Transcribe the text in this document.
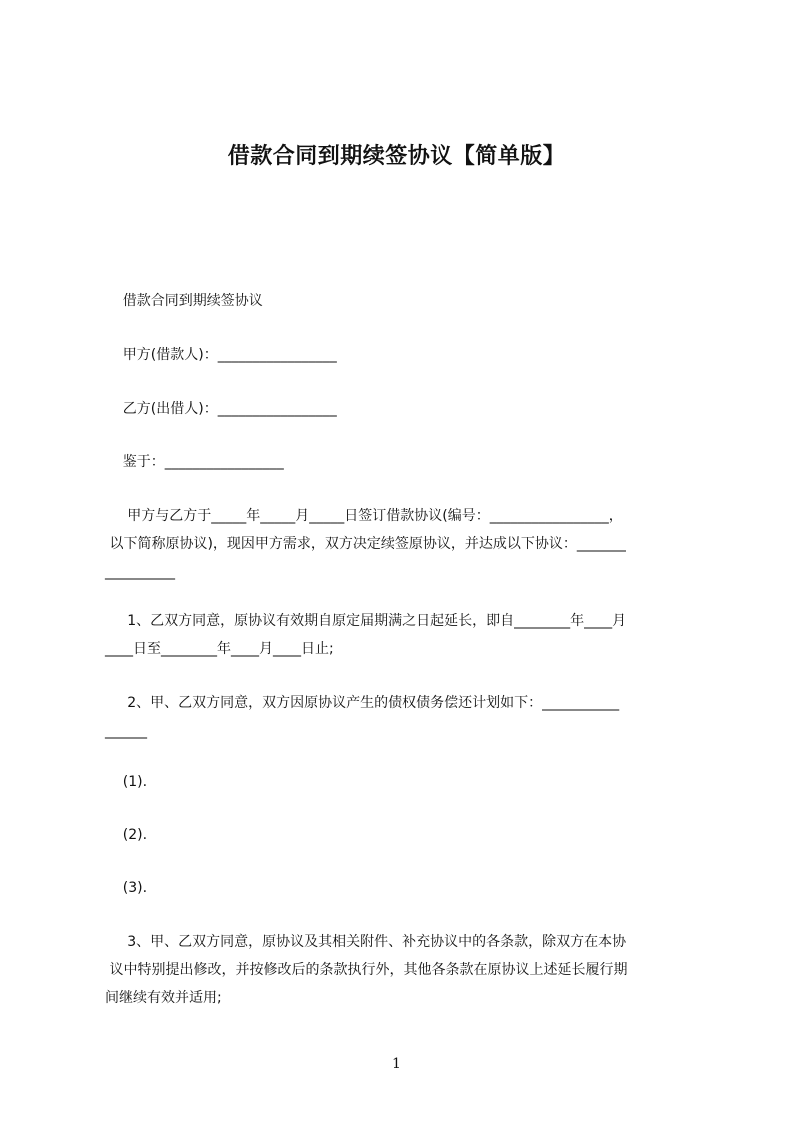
借款合同到期续签协议【简单版】
借款合同到期续签协议
甲方(借款人)：_________________
乙方(出借人)：_________________
鉴于：_________________
甲方与乙方于_____年_____月_____日签订借款协议(编号：_________________，
以下简称原协议)，现因甲方需求，双方决定续签原协议，并达成以下协议：_______
__________
1、乙双方同意，原协议有效期自原定届期满之日起延长，即自________年____月
____日至________年____月____日止;
2、甲、乙双方同意，双方因原协议产生的债权债务偿还计划如下：___________
______
(1).
(2).
(3).
3、甲、乙双方同意，原协议及其相关附件、补充协议中的各条款，除双方在本协
议中特别提出修改，并按修改后的条款执行外，其他各条款在原协议上述延长履行期
间继续有效并适用;
1
